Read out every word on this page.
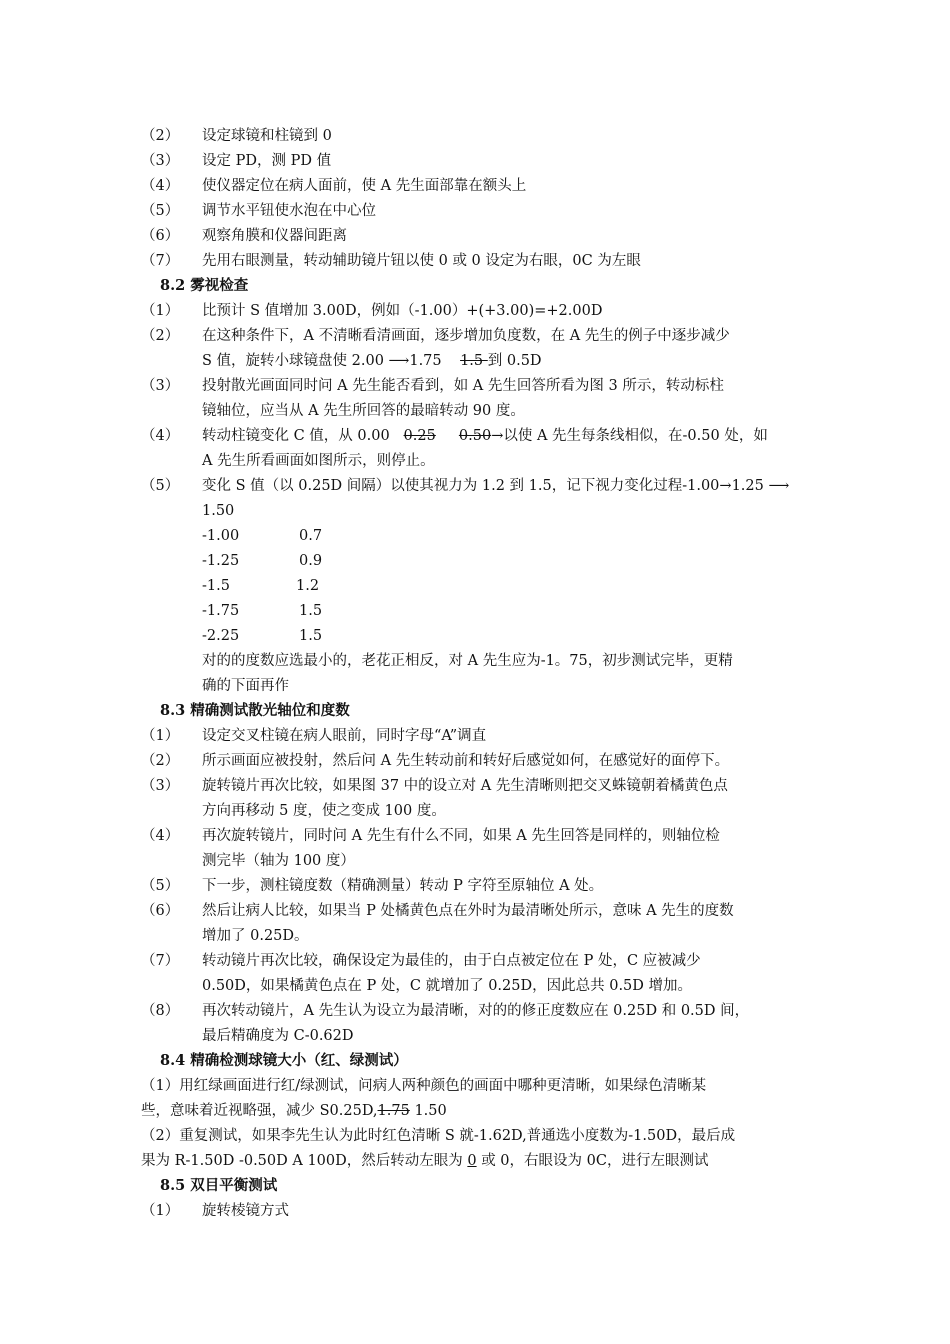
（2） 设定球镜和柱镜到 0
（3） 设定 PD，测 PD 值
（4） 使仪器定位在病人面前，使 A 先生面部靠在额头上
（5） 调节水平钮使水泡在中心位
（6） 观察角膜和仪器间距离
（7） 先用右眼测量，转动辅助镜片钮以使 0 或 0 设定为右眼，0C 为左眼
8.2 雾视检查
（1） 比预计 S 值增加 3.00D，例如（-1.00）+(+3.00)=+2.00D
（2） 在这种条件下，A 不清晰看清画面，逐步增加负度数，在 A 先生的例子中逐步减少
S 值，旋转小球镜盘使 2.00 ⟶1.75 1.5 到 0.5D
（3） 投射散光画面同时问 A 先生能否看到，如 A 先生回答所看为图 3 所示，转动标柱
镜轴位，应当从 A 先生所回答的最暗转动 90 度。
（4） 转动柱镜变化 C 值，从 0.00 0.25 0.50→以使 A 先生每条线相似，在-0.50 处，如
A 先生所看画面如图所示，则停止。
（5） 变化 S 值（以 0.25D 间隔）以使其视力为 1.2 到 1.5，记下视力变化过程-1.00→1.25 ⟶
1.50
-1.00	0.7
-1.25	0.9
-1.5	1.2
-1.75	1.5
-2.25	1.5
对的的度数应选最小的，老花正相反，对 A 先生应为-1。75，初步测试完毕，更精
确的下面再作
8.3 精确测试散光轴位和度数
（1） 设定交叉柱镜在病人眼前，同时字母“A”调直
（2） 所示画面应被投射，然后问 A 先生转动前和转好后感觉如何，在感觉好的面停下。
（3） 旋转镜片再次比较，如果图 37 中的设立对 A 先生清晰则把交叉蛛镜朝着橘黄色点
方向再移动 5 度，使之变成 100 度。
（4） 再次旋转镜片，同时问 A 先生有什么不同，如果 A 先生回答是同样的，则轴位检
测完毕（轴为 100 度）
（5） 下一步，测柱镜度数（精确测量）转动 P 字符至原轴位 A 处。
（6） 然后让病人比较，如果当 P 处橘黄色点在外时为最清晰处所示，意味 A 先生的度数
增加了 0.25D。
（7） 转动镜片再次比较，确保设定为最佳的，由于白点被定位在 P 处，C 应被减少
0.50D，如果橘黄色点在 P 处，C 就增加了 0.25D，因此总共 0.5D 增加。
（8） 再次转动镜片，A 先生认为设立为最清晰，对的的修正度数应在 0.25D 和 0.5D 间，
最后精确度为 C-0.62D
8.4 精确检测球镜大小（红、绿测试）
（1）用红绿画面进行红/绿测试，问病人两种颜色的画面中哪种更清晰，如果绿色清晰某
些，意味着近视略强，减少 S0.25D,1.75 1.50
（2）重复测试，如果李先生认为此时红色清晰 S 就-1.62D,普通选小度数为-1.50D，最后成
果为 R-1.50D -0.50D A 100D，然后转动左眼为 0 或 0，右眼设为 0C，进行左眼测试
8.5 双目平衡测试
（1） 旋转棱镜方式
